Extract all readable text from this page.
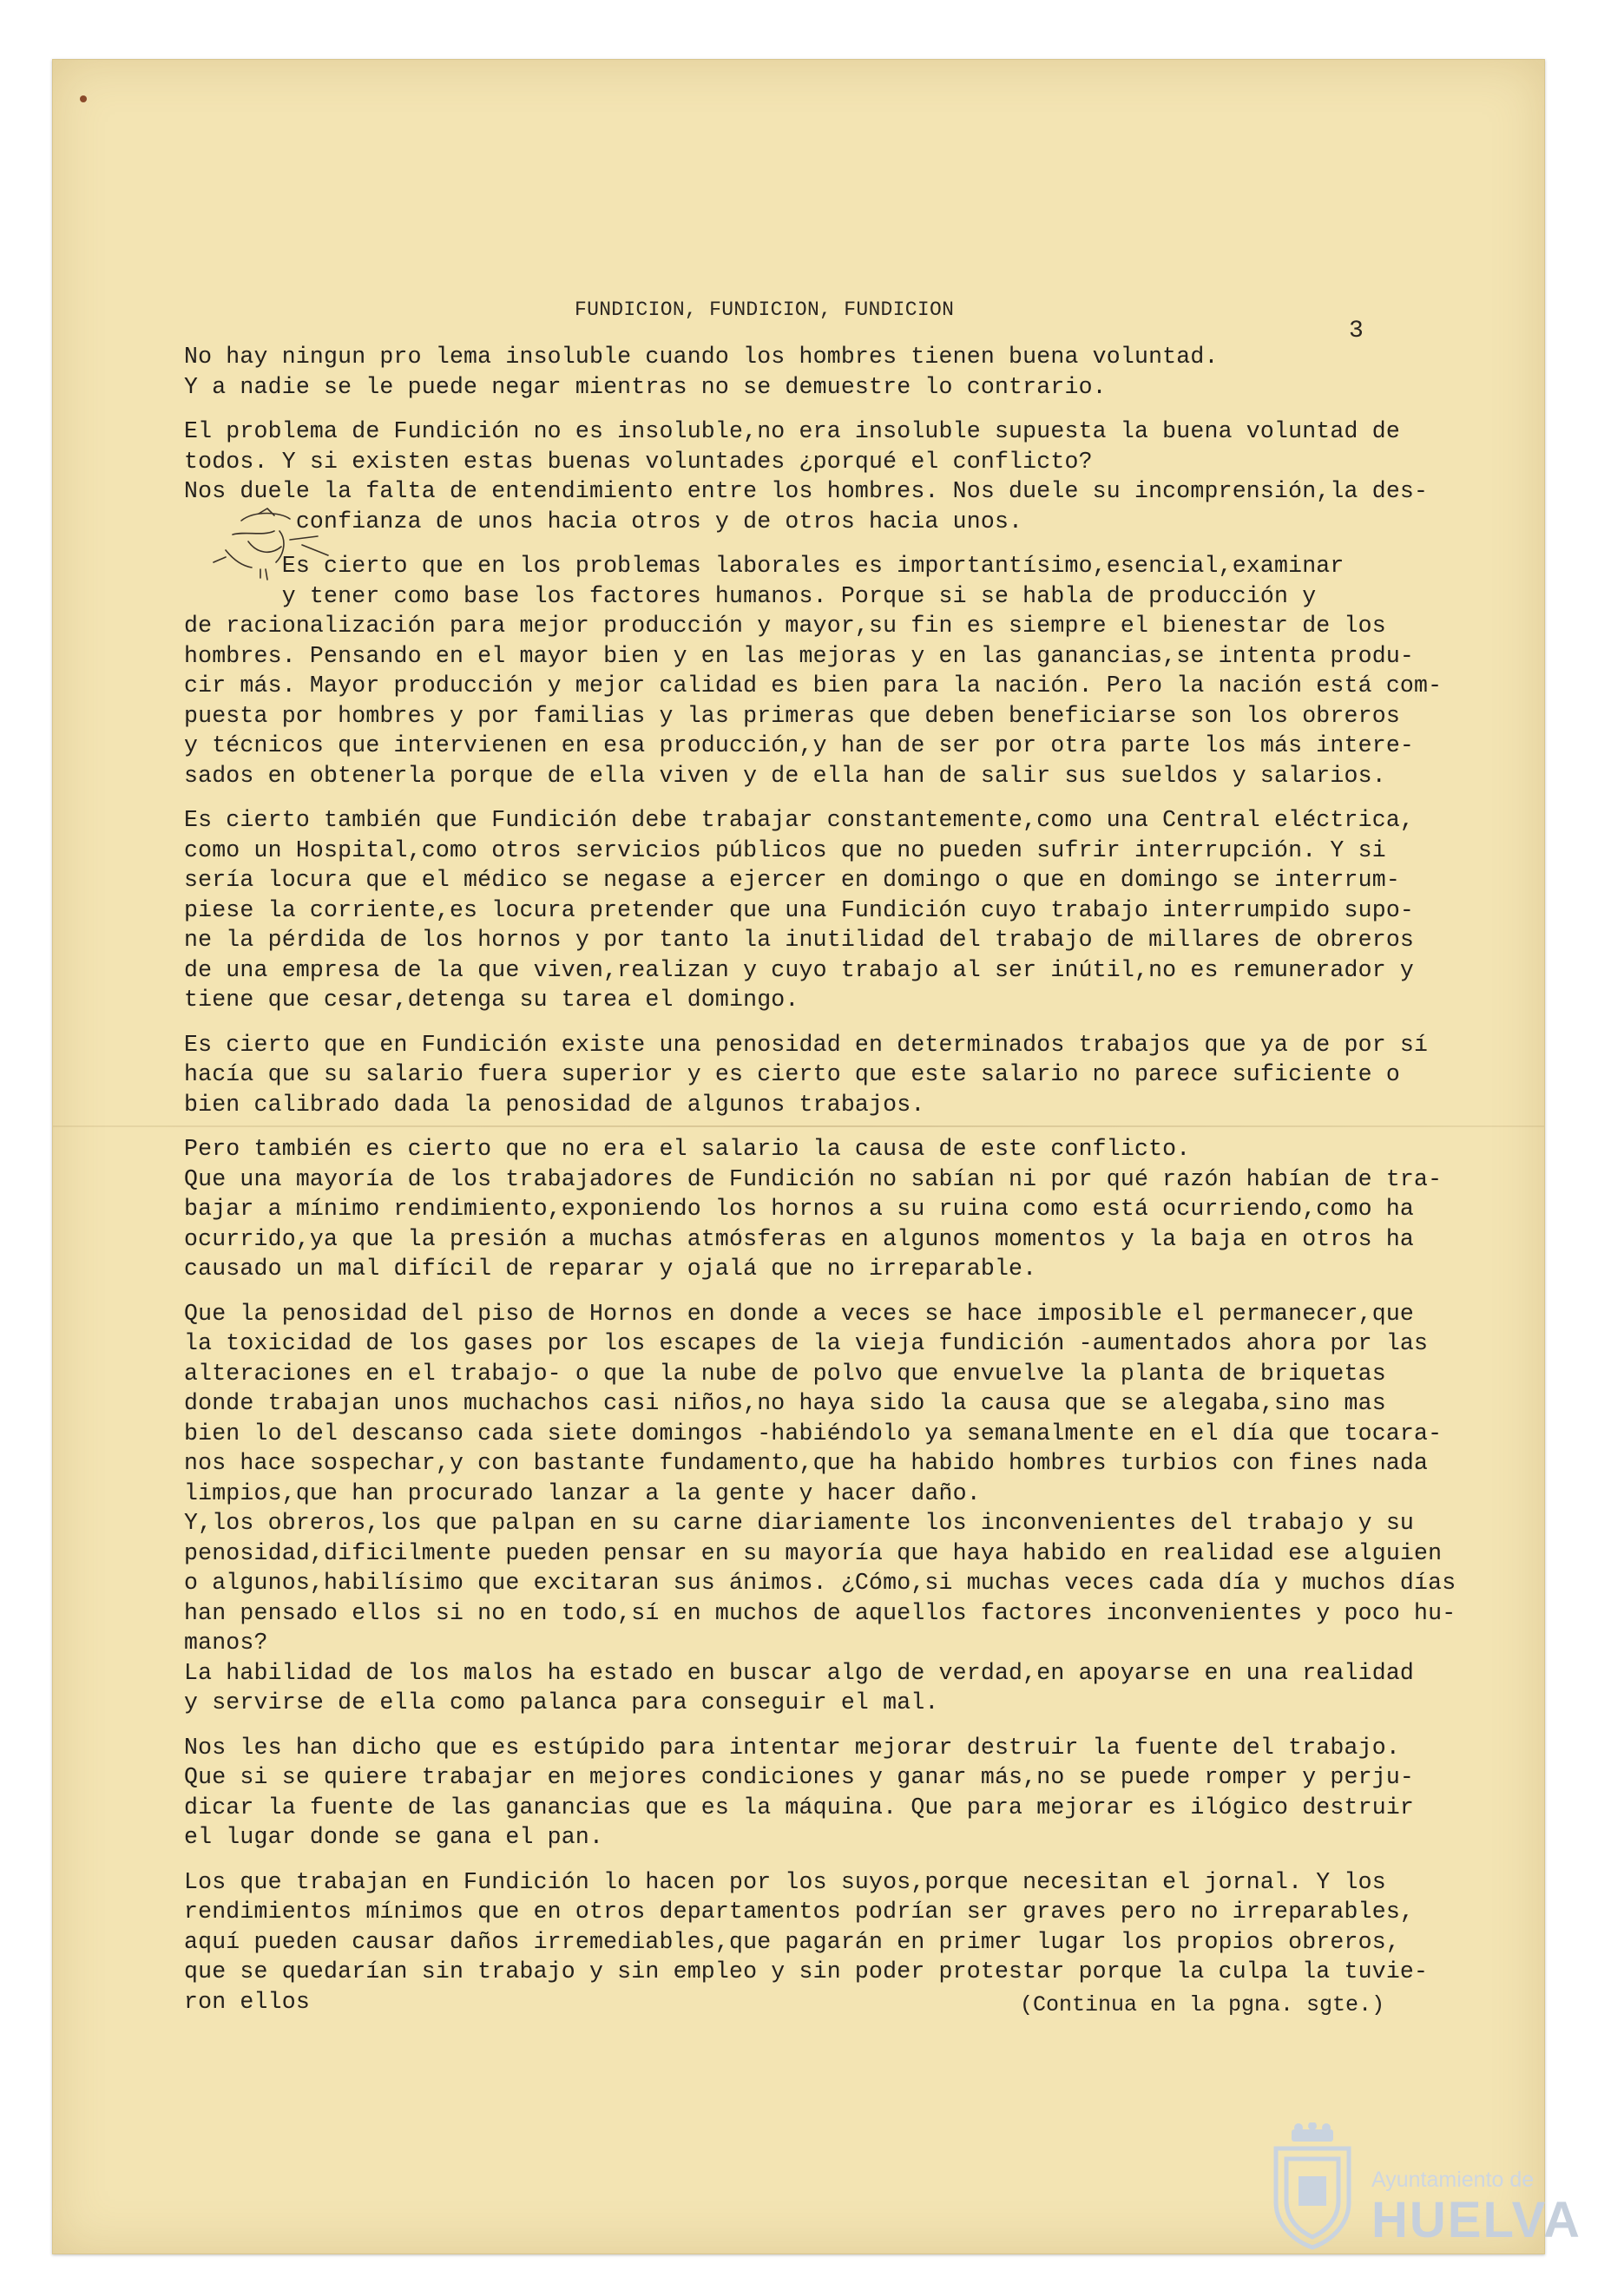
FUNDICION, FUNDICION, FUNDICION
3
No hay ningun pro lema insoluble cuando los hombres tienen buena voluntad.
Y a nadie se le puede negar mientras no se demuestre lo contrario.
El problema de Fundición no es insoluble,no era insoluble supuesta la buena voluntad de
todos. Y si existen estas buenas voluntades ¿porqué el conflicto?
Nos duele la falta de entendimiento entre los hombres. Nos duele su incomprensión,la des-
confianza de unos hacia otros y de otros hacia unos.
Es cierto que en los problemas laborales es importantísimo,esencial,examinar
y tener como base los factores humanos. Porque si se habla de producción y
de racionalización para mejor producción y mayor,su fin es siempre el bienestar de los
hombres. Pensando en el mayor bien y en las mejoras y en las ganancias,se intenta produ-
cir más. Mayor producción y mejor calidad es bien para la nación. Pero la nación está com-
puesta por hombres y por familias y las primeras que deben beneficiarse son los obreros
y técnicos que intervienen en esa producción,y han de ser por otra parte los más intere-
sados en obtenerla porque de ella viven y de ella han de salir sus sueldos y salarios.
Es cierto también que Fundición debe trabajar constantemente,como una Central eléctrica,
como un Hospital,como otros servicios públicos que no pueden sufrir interrupción. Y si
sería locura que el médico se negase a ejercer en domingo o que en domingo se interrum-
piese la corriente,es locura pretender que una Fundición cuyo trabajo interrumpido supo-
ne la pérdida de los hornos y por tanto la inutilidad del trabajo de millares de obreros
de una empresa de la que viven,realizan y cuyo trabajo al ser inútil,no es remunerador y
tiene que cesar,detenga su tarea el domingo.
Es cierto que en Fundición existe una penosidad en determinados trabajos que ya de por sí
hacía que su salario fuera superior y es cierto que este salario no parece suficiente o
bien calibrado dada la penosidad de algunos trabajos.
Pero también es cierto que no era el salario la causa de este conflicto.
Que una mayoría de los trabajadores de Fundición no sabían ni por qué razón habían de tra-
bajar a mínimo rendimiento,exponiendo los hornos a su ruina como está ocurriendo,como ha
ocurrido,ya que la presión a muchas atmósferas en algunos momentos y la baja en otros ha
causado un mal difícil de reparar y ojalá que no irreparable.
Que la penosidad del piso de Hornos en donde a veces se hace imposible el permanecer,que
la toxicidad de los gases por los escapes de la vieja fundición -aumentados ahora por las
alteraciones en el trabajo- o que la nube de polvo que envuelve la planta de briquetas
donde trabajan unos muchachos casi niños,no haya sido la causa que se alegaba,sino mas
bien lo del descanso cada siete domingos -habiéndolo ya semanalmente en el día que tocara-
nos hace sospechar,y con bastante fundamento,que ha habido hombres turbios con fines nada
limpios,que han procurado lanzar a la gente y hacer daño.
Y,los obreros,los que palpan en su carne diariamente los inconvenientes del trabajo y su
penosidad,dificilmente pueden pensar en su mayoría que haya habido en realidad ese alguien
o algunos,habilísimo que excitaran sus ánimos. ¿Cómo,si muchas veces cada día y muchos días
han pensado ellos si no en todo,sí en muchos de aquellos factores inconvenientes y poco hu-
manos?
La habilidad de los malos ha estado en buscar algo de verdad,en apoyarse en una realidad
y servirse de ella como palanca para conseguir el mal.
Nos les han dicho que es estúpido para intentar mejorar destruir la fuente del trabajo.
Que si se quiere trabajar en mejores condiciones y ganar más,no se puede romper y perju-
dicar la fuente de las ganancias que es la máquina. Que para mejorar es ilógico destruir
el lugar donde se gana el pan.
Los que trabajan en Fundición lo hacen por los suyos,porque necesitan el jornal. Y los
rendimientos mínimos que en otros departamentos podrían ser graves pero no irreparables,
aquí pueden causar daños irremediables,que pagarán en primer lugar los propios obreros,
que se quedarían sin trabajo y sin empleo y sin poder protestar porque la culpa la tuvie-
ron ellos	(Continua en la pgna. sgte.)
Ayuntamiento de
HUELVA
